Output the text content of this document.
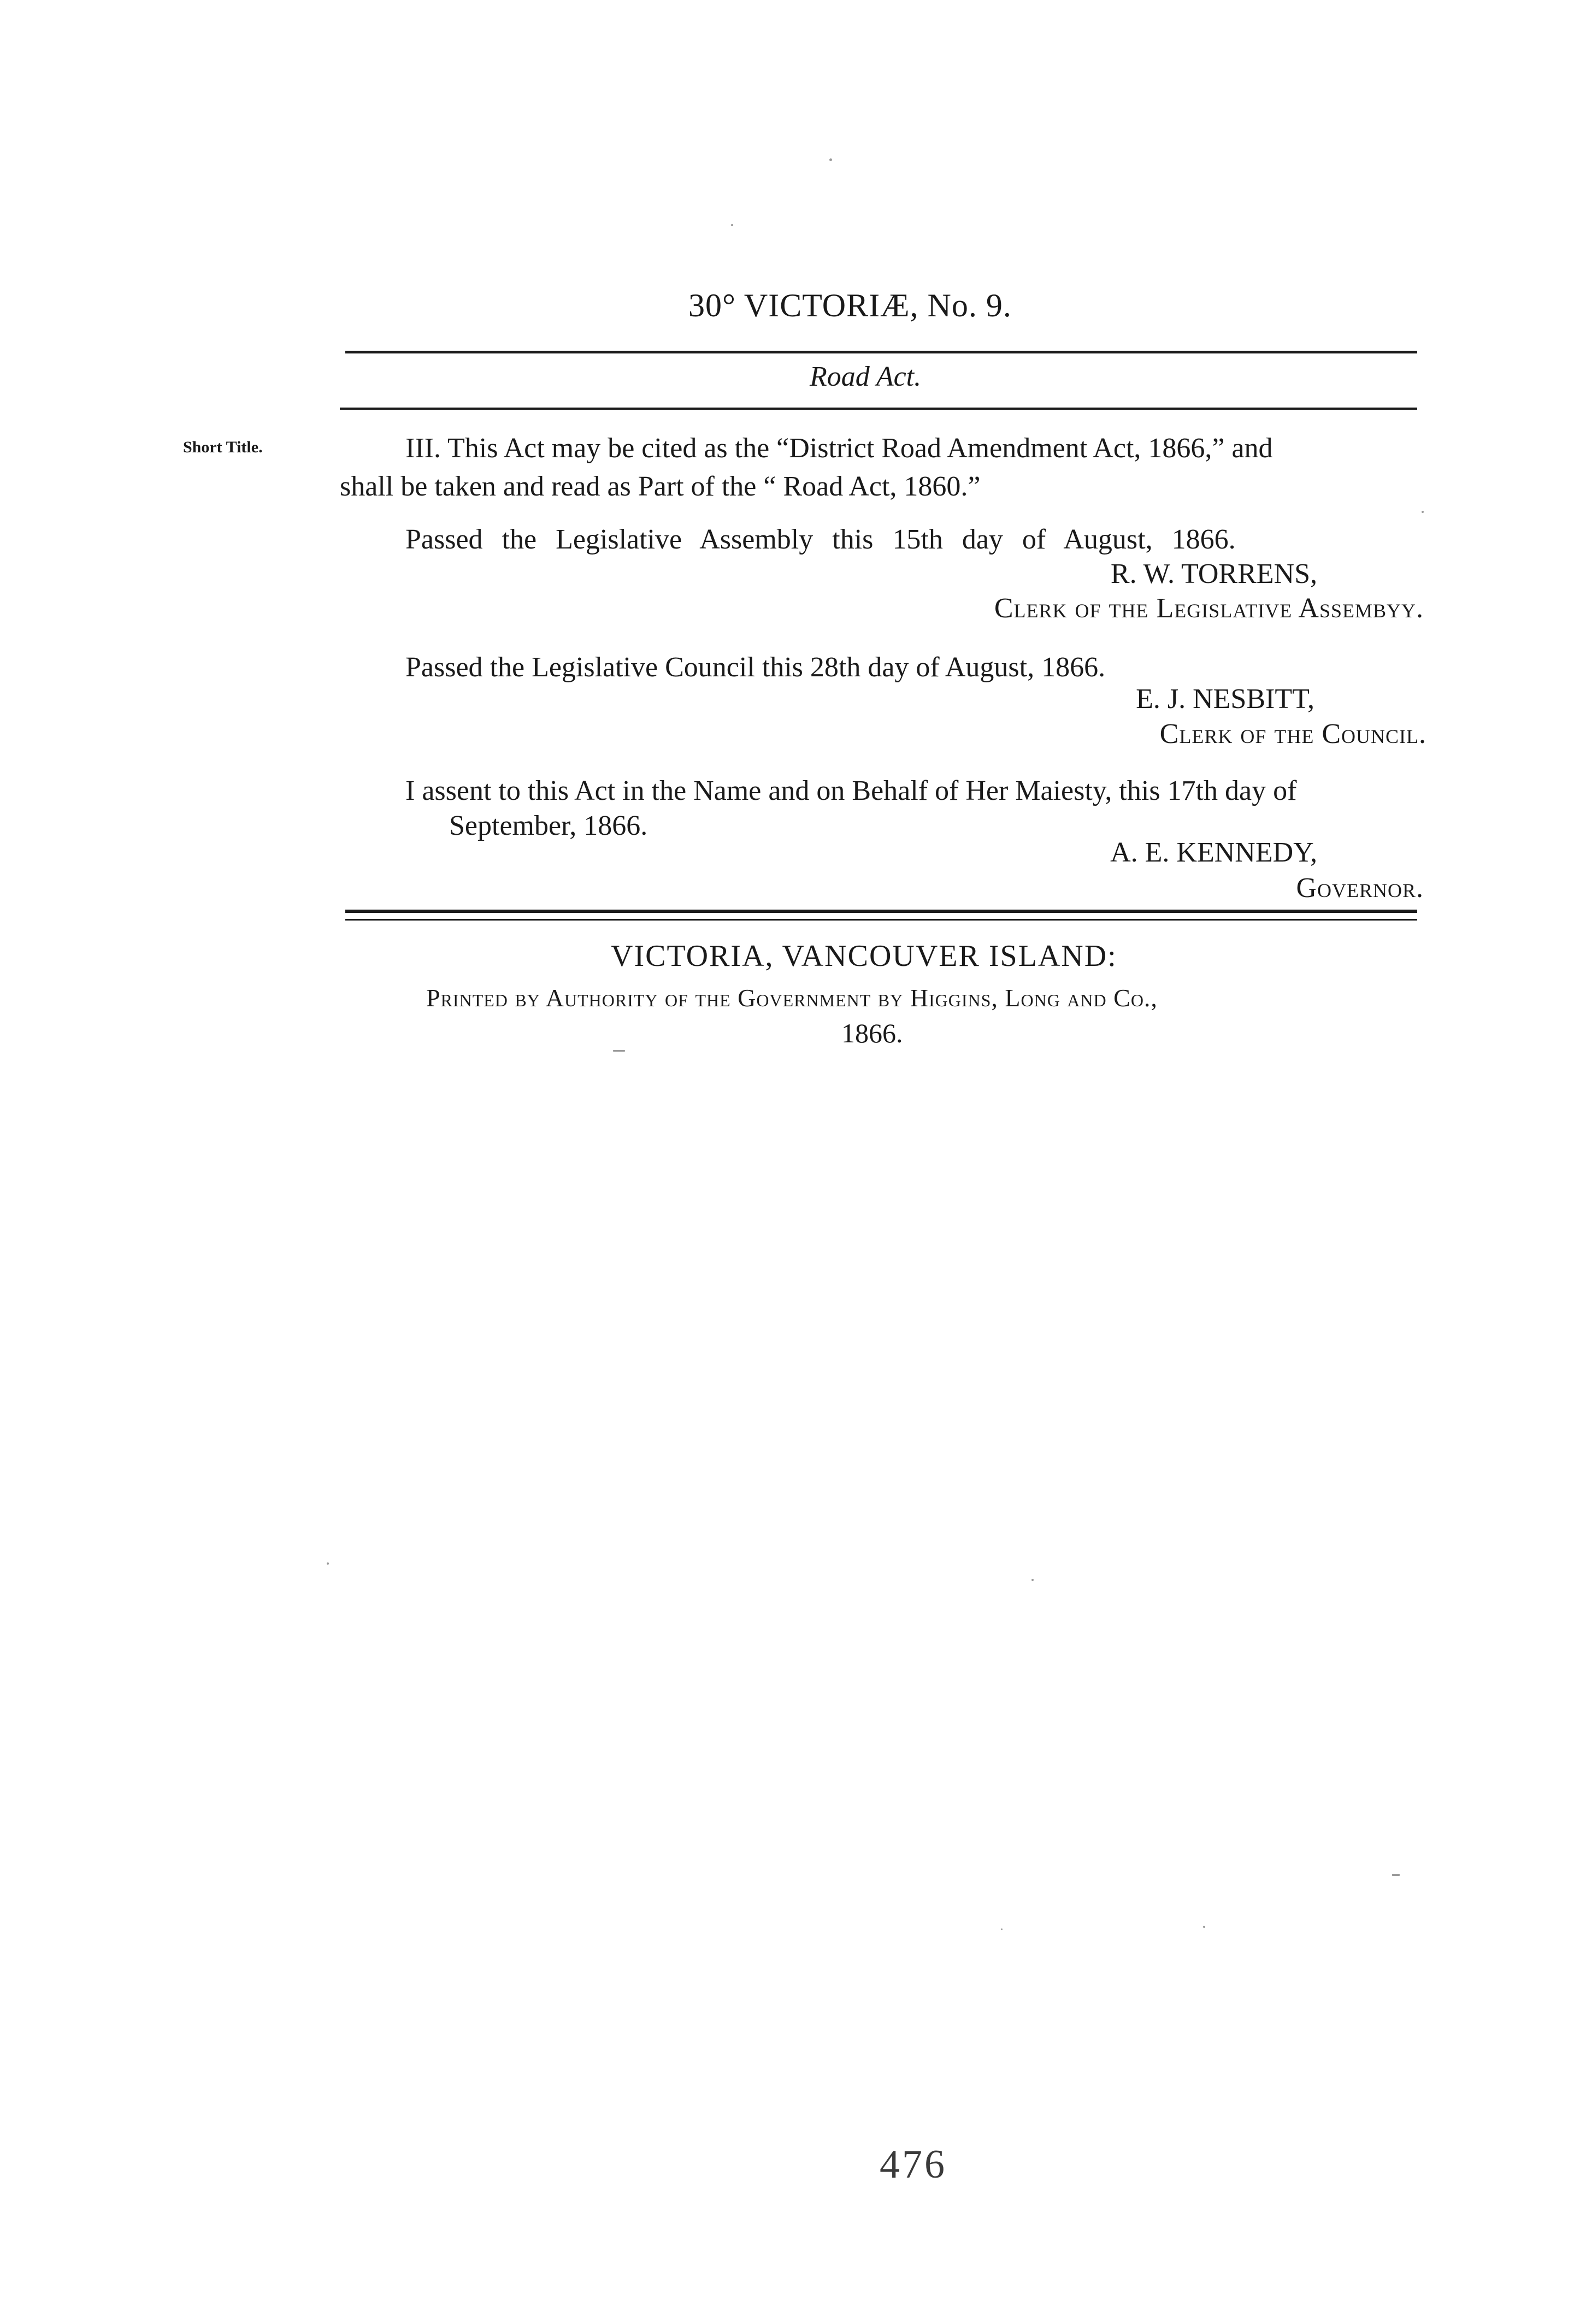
30° VICTORIÆ, No. 9.
Road Act.
Short Title.	III. This Act may be cited as the “District Road Amendment Act, 1866,” and
shall be taken and read as Part of the “ Road Act, 1860.”
Passed the Legislative Assembly this 15th day of August, 1866.
R. W. TORRENS,
Clerk of the Legislative Assembyy.
Passed the Legislative Council this 28th day of August, 1866.
E. J. NESBITT,
Clerk of the Council.
I assent to this Act in the Name and on Behalf of Her Maiesty, this 17th day of
September, 1866.
A. E. KENNEDY,
Governor.
VICTORIA, VANCOUVER ISLAND:
Printed by Authority of the Government by Higgins, Long and Co.,
1866.
476
